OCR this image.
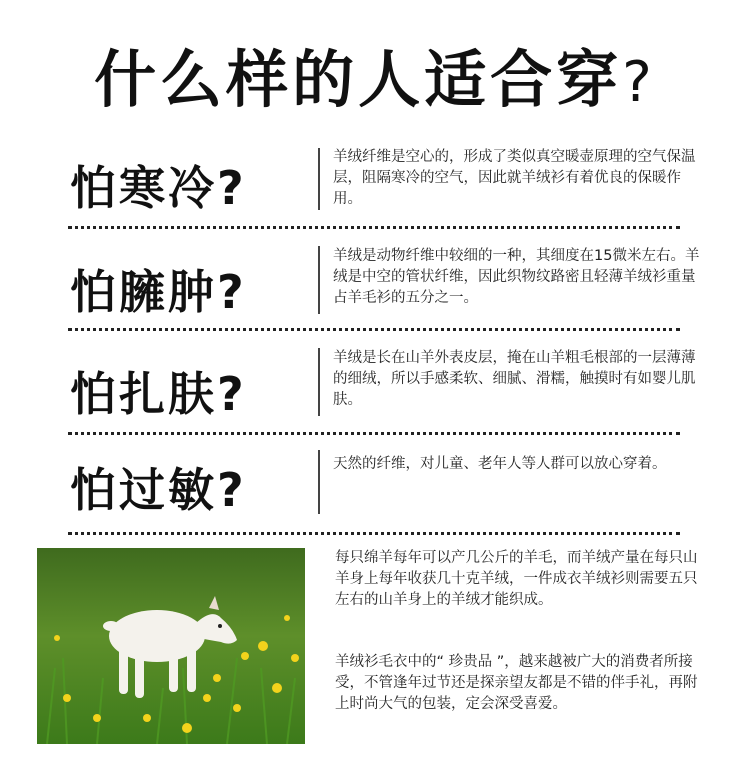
什么样的人适合穿?
怕寒冷?
羊绒纤维是空心的，形成了类似真空暖壶原理的空气保温层，阻隔寒冷的空气，因此就羊绒衫有着优良的保暖作用。
怕臃肿?
羊绒是动物纤维中较细的一种，其细度在15微米左右。羊绒是中空的管状纤维，因此织物纹路密且轻薄羊绒衫重量占羊毛衫的五分之一。
怕扎肤?
羊绒是长在山羊外表皮层，掩在山羊粗毛根部的一层薄薄的细绒，所以手感柔软、细腻、滑糯，触摸时有如婴儿肌肤。
怕过敏?	天然的纤维，对儿童、老年人等人群可以放心穿着。
每只绵羊每年可以产几公斤的羊毛，而羊绒产量在每只山羊身上每年收获几十克羊绒，一件成衣羊绒衫则需要五只左右的山羊身上的羊绒才能织成。
羊绒衫毛衣中的“ 珍贵品 ”，越来越被广大的消费者所接受，不管逢年过节还是探亲望友都是不错的伴手礼，再附上时尚大气的包装，定会深受喜爱。
